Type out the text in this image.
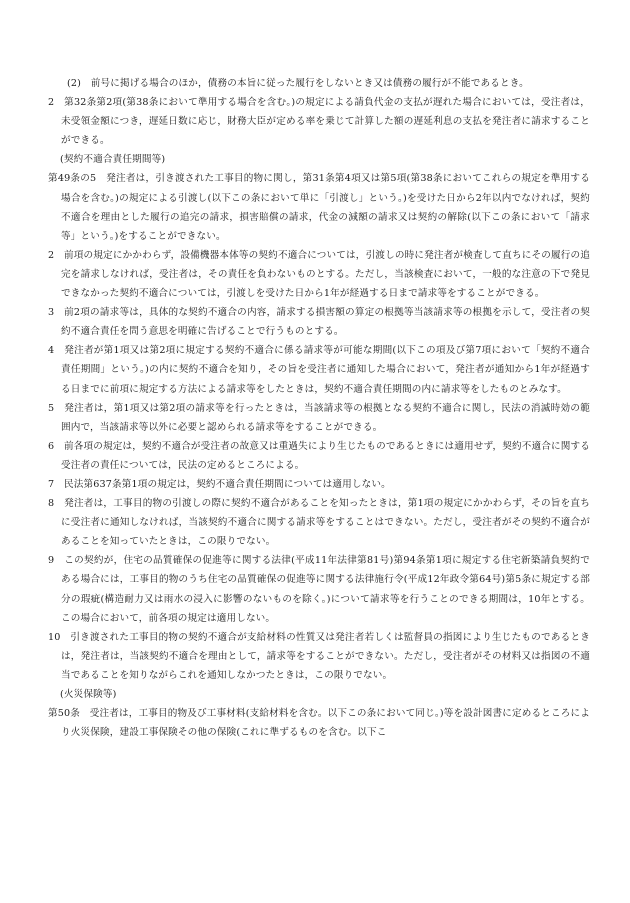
(2)　前号に掲げる場合のほか，債務の本旨に従った履行をしないとき又は債務の履行が不能であるとき。

2　第32条第2項(第38条において準用する場合を含む。)の規定による請負代金の支払が遅れた場合においては，受注者は，未受領金額につき，遅延日数に応じ，財務大臣が定める率を乗じて計算した額の遅延利息の支払を発注者に請求することができる。

(契約不適合責任期間等)

第49条の5　発注者は，引き渡された工事目的物に関し，第31条第4項又は第5項(第38条においてこれらの規定を準用する場合を含む。)の規定による引渡し(以下この条において単に「引渡し」という。)を受けた日から2年以内でなければ，契約不適合を理由とした履行の追完の請求，損害賠償の請求，代金の減額の請求又は契約の解除(以下この条において「請求等」という。)をすることができない。

2　前項の規定にかかわらず，設備機器本体等の契約不適合については，引渡しの時に発注者が検査して直ちにその履行の追完を請求しなければ，受注者は，その責任を負わないものとする。ただし，当該検査において，一般的な注意の下で発見できなかった契約不適合については，引渡しを受けた日から1年が経過する日まで請求等をすることができる。

3　前2項の請求等は，具体的な契約不適合の内容，請求する損害額の算定の根拠等当該請求等の根拠を示して，受注者の契約不適合責任を問う意思を明確に告げることで行うものとする。

4　発注者が第1項又は第2項に規定する契約不適合に係る請求等が可能な期間(以下この項及び第7項において「契約不適合責任期間」という。)の内に契約不適合を知り，その旨を受注者に通知した場合において，発注者が通知から1年が経過する日までに前項に規定する方法による請求等をしたときは，契約不適合責任期間の内に請求等をしたものとみなす。

5　発注者は，第1項又は第2項の請求等を行ったときは，当該請求等の根拠となる契約不適合に関し，民法の消滅時効の範囲内で，当該請求等以外に必要と認められる請求等をすることができる。

6　前各項の規定は，契約不適合が受注者の故意又は重過失により生じたものであるときには適用せず，契約不適合に関する受注者の責任については，民法の定めるところによる。

7　民法第637条第1項の規定は，契約不適合責任期間については適用しない。

8　発注者は，工事目的物の引渡しの際に契約不適合があることを知ったときは，第1項の規定にかかわらず，その旨を直ちに受注者に通知しなければ，当該契約不適合に関する請求等をすることはできない。ただし，受注者がその契約不適合があることを知っていたときは，この限りでない。

9　この契約が，住宅の品質確保の促進等に関する法律(平成11年法律第81号)第94条第1項に規定する住宅新築請負契約である場合には，工事目的物のうち住宅の品質確保の促進等に関する法律施行令(平成12年政令第64号)第5条に規定する部分の瑕疵(構造耐力又は雨水の浸入に影響のないものを除く。)について請求等を行うことのできる期間は，10年とする。この場合において，前各項の規定は適用しない。

10　引き渡された工事目的物の契約不適合が支給材料の性質又は発注者若しくは監督員の指図により生じたものであるときは，発注者は，当該契約不適合を理由として，請求等をすることができない。ただし，受注者がその材料又は指図の不適当であることを知りながらこれを通知しなかつたときは，この限りでない。

(火災保険等)

第50条　受注者は，工事目的物及び工事材料(支給材料を含む。以下この条において同じ。)等を設計図書に定めるところにより火災保険，建設工事保険その他の保険(これに準ずるものを含む。以下こ
